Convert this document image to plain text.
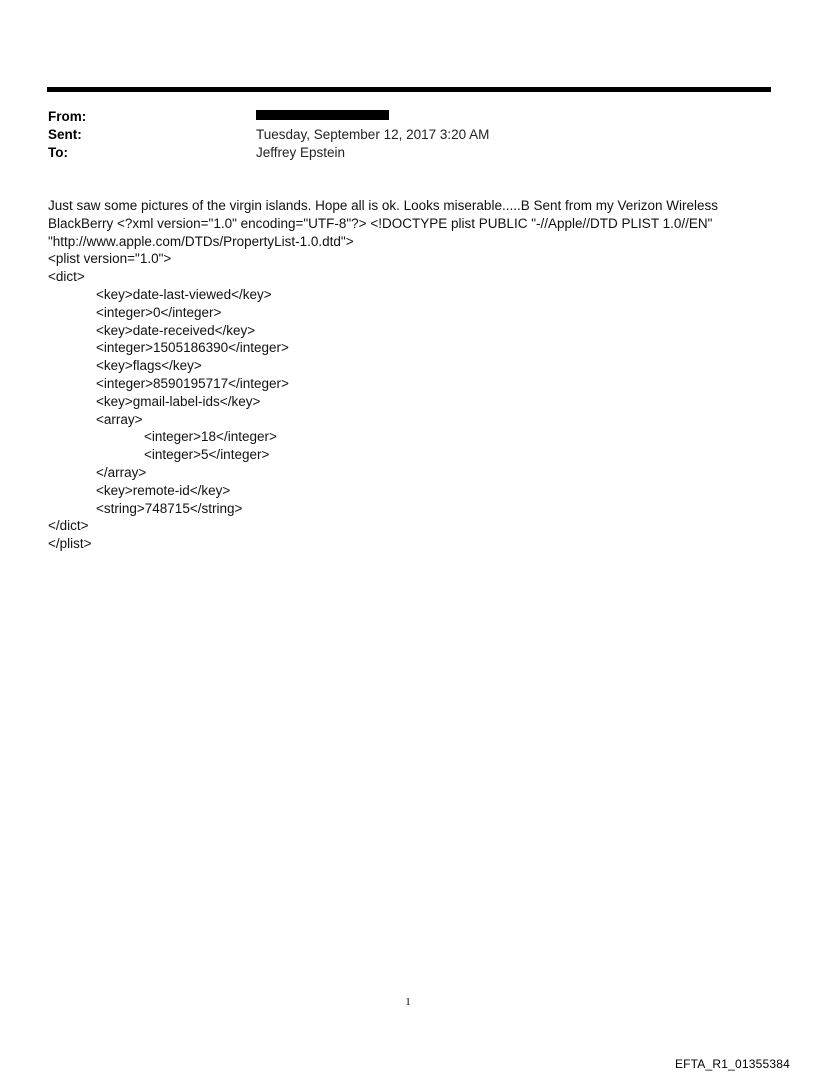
From:
Sent:	Tuesday, September 12, 2017 3:20 AM
To:	Jeffrey Epstein
Just saw some pictures of the virgin islands. Hope all is ok. Looks miserable.....B Sent from my Verizon Wireless
BlackBerry <?xml version="1.0" encoding="UTF-8"?> <!DOCTYPE plist PUBLIC "-//Apple//DTD PLIST 1.0//EN"
"http://www.apple.com/DTDs/PropertyList-1.0.dtd">
<plist version="1.0">
<dict>
<key>date-last-viewed</key>
<integer>0</integer>
<key>date-received</key>
<integer>1505186390</integer>
<key>flags</key>
<integer>8590195717</integer>
<key>gmail-label-ids</key>
<array>
<integer>18</integer>
<integer>5</integer>
</array>
<key>remote-id</key>
<string>748715</string>
</dict>
</plist>
1
EFTA_R1_01355384
